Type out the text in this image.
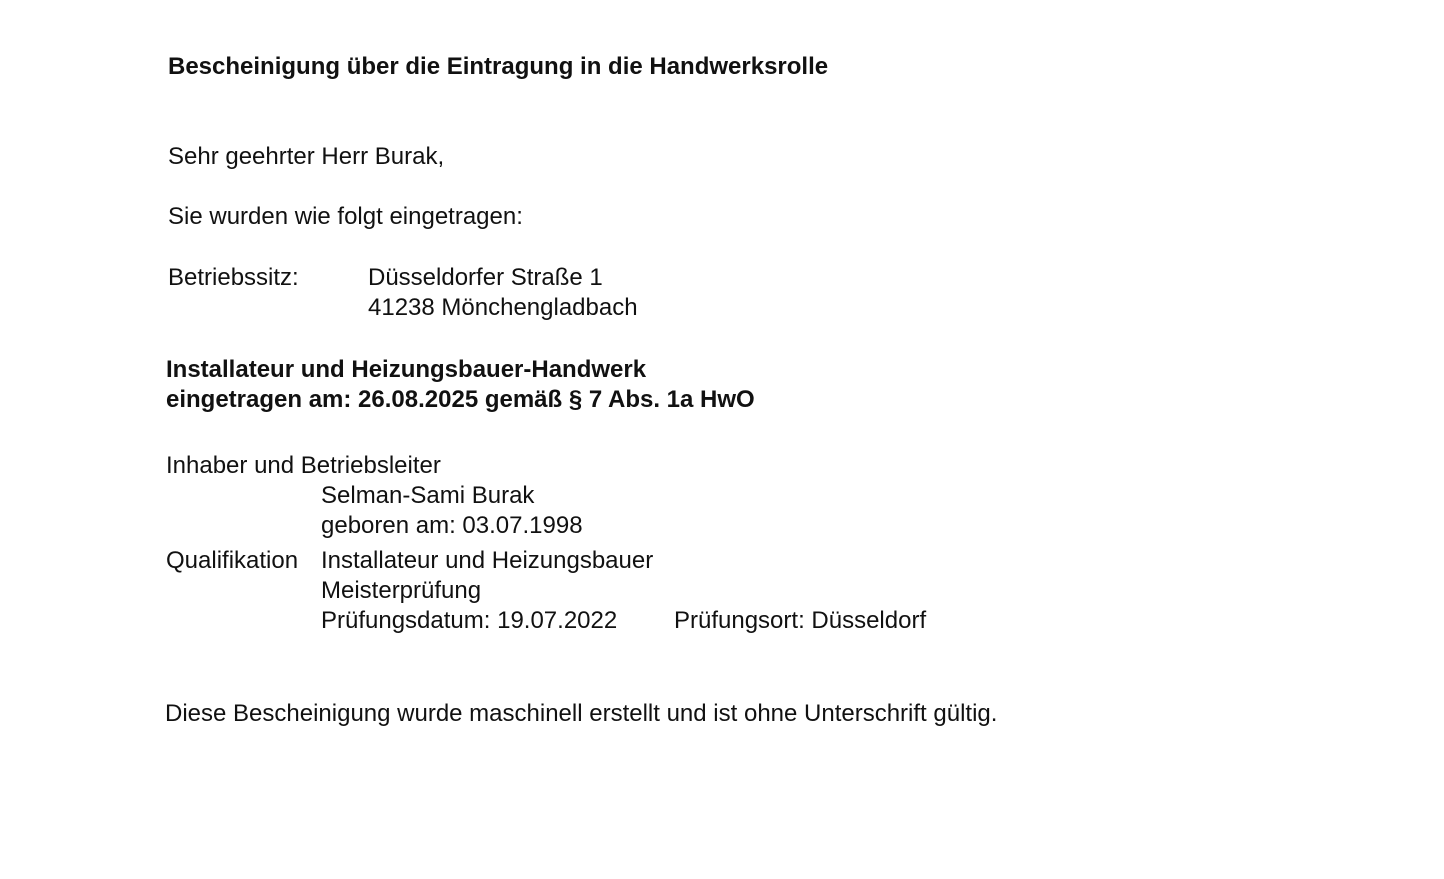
Bescheinigung über die Eintragung in die Handwerksrolle
Sehr geehrter Herr Burak,
Sie wurden wie folgt eingetragen:
Betriebssitz:	Düsseldorfer Straße 1
41238 Mönchengladbach
Installateur und Heizungsbauer-Handwerk
eingetragen am: 26.08.2025 gemäß § 7 Abs. 1a HwO
Inhaber und Betriebsleiter
Selman-Sami Burak
geboren am: 03.07.1998
Qualifikation Installateur und Heizungsbauer
Meisterprüfung
Prüfungsdatum: 19.07.2022 Prüfungsort: Düsseldorf
Diese Bescheinigung wurde maschinell erstellt und ist ohne Unterschrift gültig.
